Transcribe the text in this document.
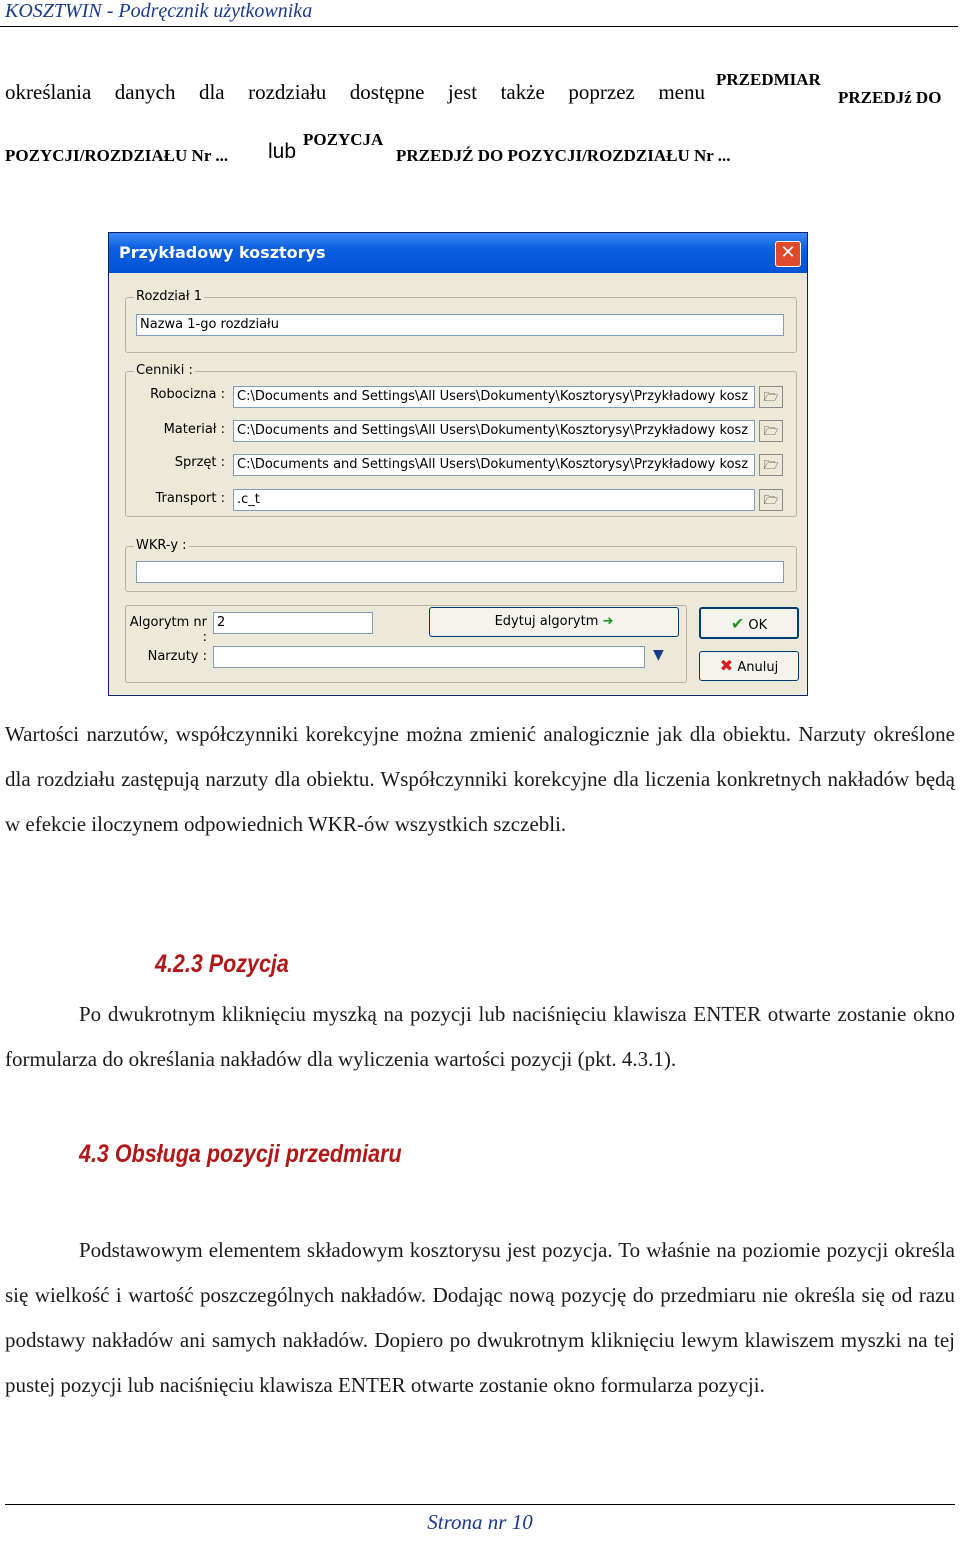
KOSZTWIN - Podręcznik użytkownika
określania danych dla rozdziału dostępne jest także poprzez menu
PRZEDMIAR
PRZEDJź DO
POZYCJI/ROZDZIAŁU Nr ... lub
POZYCJA
PRZEDJŹ DO POZYCJI/ROZDZIAŁU Nr ...
Przykładowy kosztorys	✕
Rozdział 1
Nazwa 1-go rozdziału
Cenniki :
Robocizna : C:\Documents and Settings\All Users\Dokumenty\Kosztorysy\Przykładowy kosz	🗁
Materiał : C:\Documents and Settings\All Users\Dokumenty\Kosztorysy\Przykładowy kosz	🗁
Sprzęt : C:\Documents and Settings\All Users\Dokumenty\Kosztorysy\Przykładowy kosz	🗁
Transport : .c_t	🗁
WKR-y :
Algorytm nr :
2	Edytuj algorytm ➜
Narzuty :	▼
✔ OK
✖ Anuluj
Wartości narzutów, współczynniki korekcyjne można zmienić analogicznie jak dla obiektu. Narzuty określone dla rozdziału zastępują narzuty dla obiektu. Współczynniki korekcyjne dla liczenia konkretnych nakładów będą w efekcie iloczynem odpowiednich WKR-ów wszystkich szczebli.
4.2.3 Pozycja
Po dwukrotnym kliknięciu myszką na pozycji lub naciśnięciu klawisza ENTER otwarte zostanie okno formularza do określania nakładów dla wyliczenia wartości pozycji (pkt. 4.3.1).
4.3 Obsługa pozycji przedmiaru
Podstawowym elementem składowym kosztorysu jest pozycja. To właśnie na poziomie pozycji określa się wielkość i wartość poszczególnych nakładów. Dodając nową pozycję do przedmiaru nie określa się od razu podstawy nakładów ani samych nakładów. Dopiero po dwukrotnym kliknięciu lewym klawiszem myszki na tej pustej pozycji lub naciśnięciu klawisza ENTER otwarte zostanie okno formularza pozycji.
Strona nr 10
